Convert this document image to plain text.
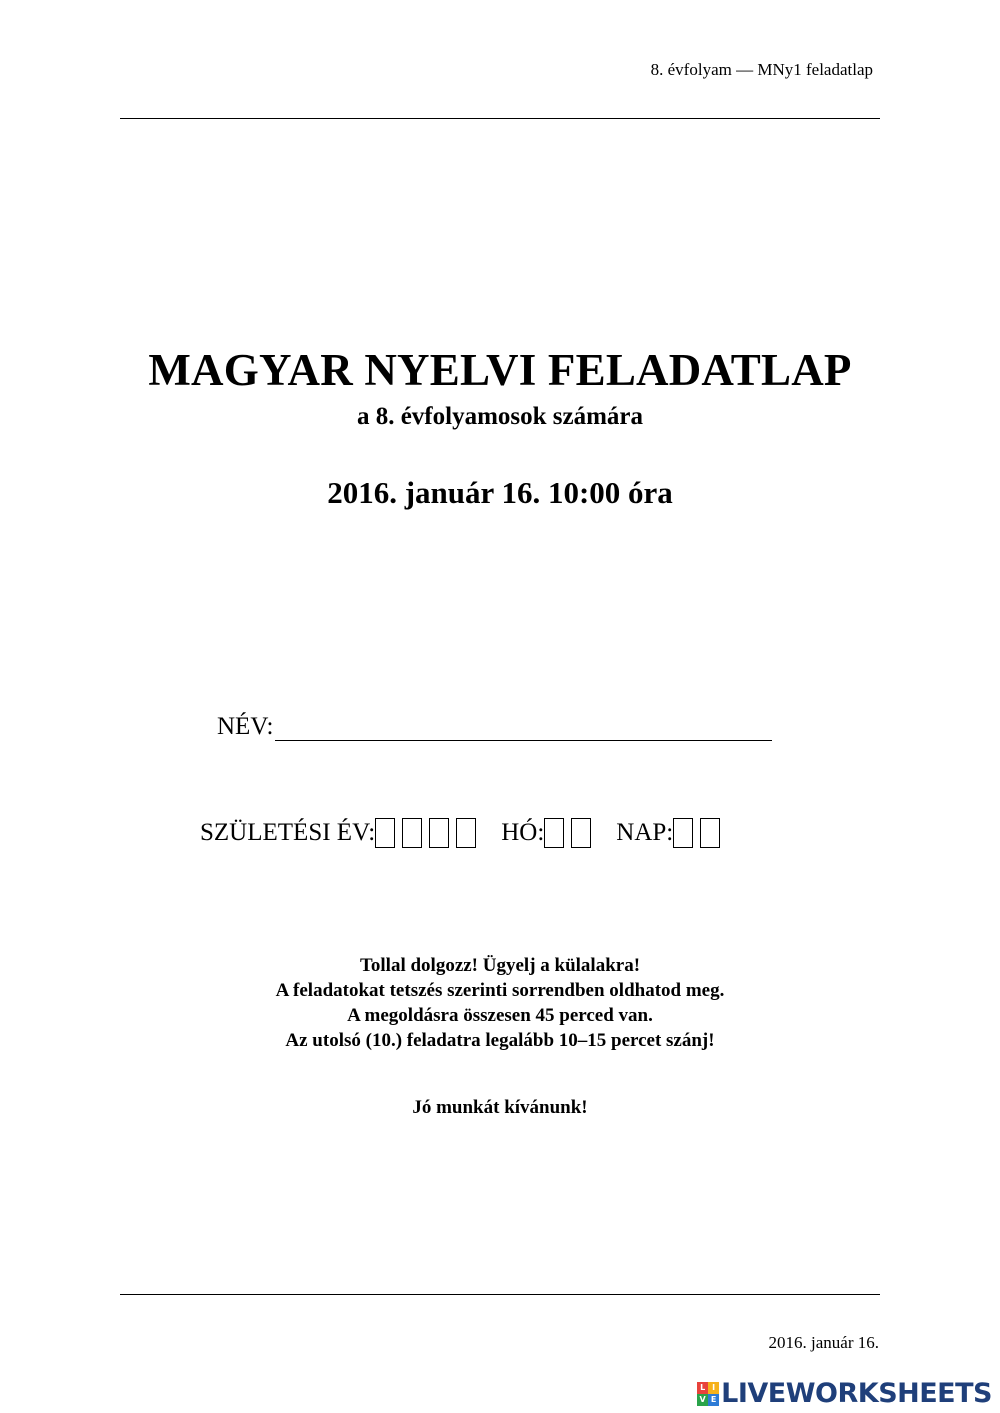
8. évfolyam — MNy1 feladatlap
MAGYAR NYELVI FELADATLAP
a 8. évfolyamosok számára
2016. január 16. 10:00 óra
NÉV:
SZÜLETÉSI ÉV:	HÓ:	NAP:
Tollal dolgozz! Ügyelj a külalakra!
A feladatokat tetszés szerinti sorrendben oldhatod meg.
A megoldásra összesen 45 perced van.
Az utolsó (10.) feladatra legalább 10–15 percet szánj!
Jó munkát kívánunk!
2016. január 16.
L I
V E LIVEWORKSHEETS
